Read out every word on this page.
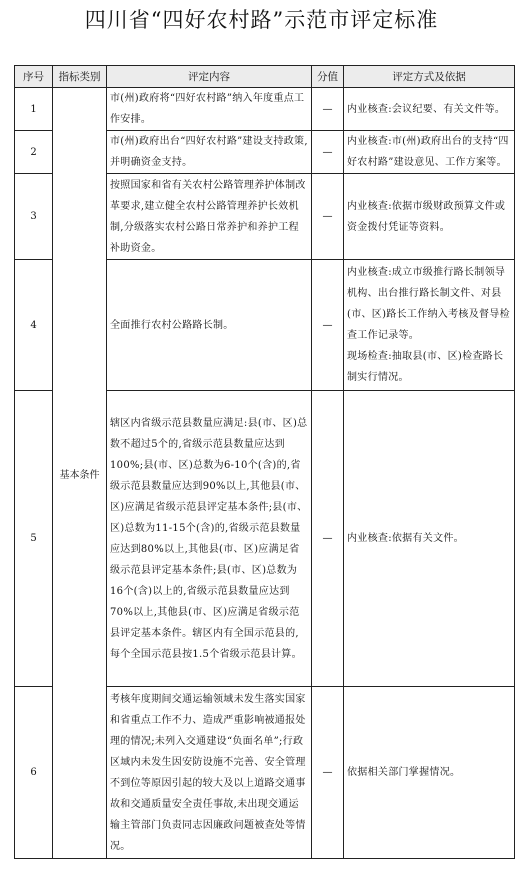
四川省“四好农村路”示范市评定标准
序号	指标类别	评定内容	分值	评定方式及依据
1	基本条件	市(州)政府将“四好农村路”纳入年度重点工作安排。	—	内业核查:会议纪要、有关文件等。

2		市(州)政府出台“四好农村路”建设支持政策,并明确资金支持。	—	内业核查:市(州)政府出台的支持“四好农村路”建设意见、工作方案等。

3		按照国家和省有关农村公路管理养护体制改革要求,建立健全农村公路管理养护长效机制,分级落实农村公路日常养护和养护工程补助资金。	—	内业核查:依据市级财政预算文件或资金拨付凭证等资料。

4		全面推行农村公路路长制。	—	内业核查:成立市级推行路长制领导机构、出台推行路长制文件、对县(市、区)路长工作纳入考核及督导检查工作记录等。

现场检查:抽取县(市、区)检查路长制实行情况。

5		辖区内省级示范县数量应满足:县(市、区)总数不超过5个的,省级示范县数量应达到100%;县(市、区)总数为6-10个(含)的,省级示范县数量应达到90%以上,其他县(市、区)应满足省级示范县评定基本条件;县(市、区)总数为11-15个(含)的,省级示范县数量应达到80%以上,其他县(市、区)应满足省级示范县评定基本条件;县(市、区)总数为16个(含)以上的,省级示范县数量应达到70%以上,其他县(市、区)应满足省级示范县评定基本条件。辖区内有全国示范县的,每个全国示范县按1.5个省级示范县计算。	—	内业核查:依据有关文件。

6		考核年度期间交通运输领域未发生落实国家和省重点工作不力、造成严重影响被通报处理的情况;未列入交通建设“负面名单”;行政区域内未发生因安防设施不完善、安全管理不到位等原因引起的较大及以上道路交通事故和交通质量安全责任事故,未出现交通运输主管部门负责同志因廉政问题被查处等情况。	—	依据相关部门掌握情况。
